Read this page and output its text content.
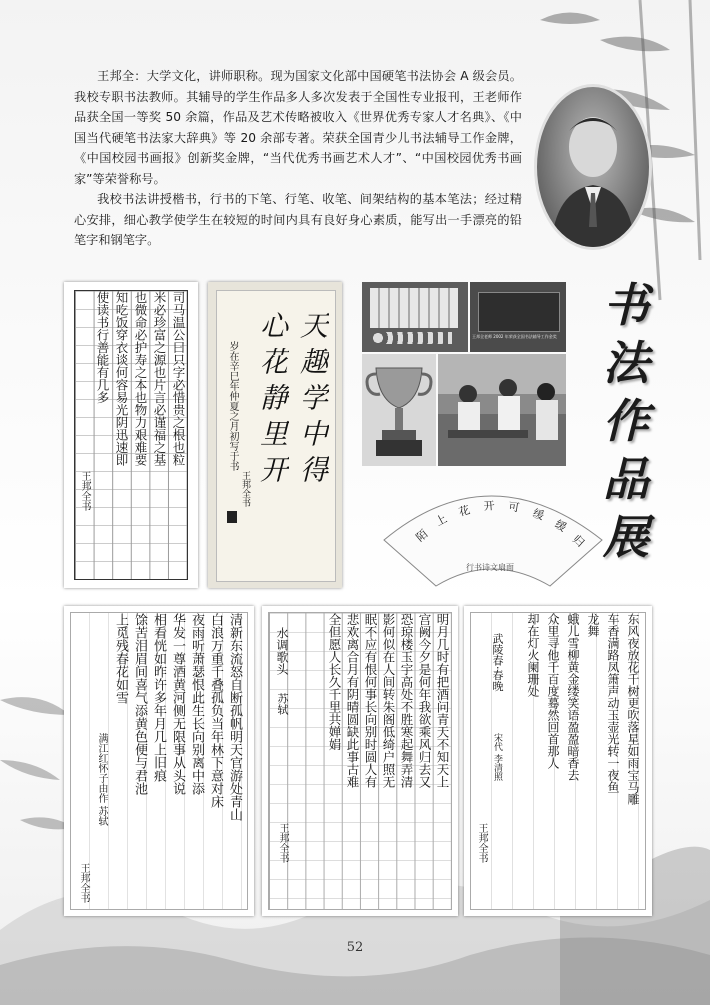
王邦全：大学文化，讲师职称。现为国家文化部中国硬笔书法协会 A 级会员。我校专职书法教师。其辅导的学生作品多人多次发表于全国性专业报刊，王老师作品获全国一等奖 50 余篇，作品及艺术传略被收入《世界优秀专家人才名典》、《中国当代硬笔书法家大辞典》等 20 余部专著。荣获全国青少儿书法辅导工作金牌，《中国校园书画报》创新奖金牌，“当代优秀书画艺术人才”、“中国校园优秀书画家”等荣誉称号。

我校书法讲授楷书，行书的下笔、行笔、收笔、间架结构的基本笔法；经过精心安排，细心教学使学生在较短的时间内具有良好身心素质，能写出一手漂亮的铅笔字和钢笔字。

书
法
作
品
展
司马温公曰只字必惜贵之根也粒
米必珍富之源也片言必谨福之基
也微命必护寿之本也物力艰难要
知吃饭穿衣谈何容易光阴迅速即
使读书行善能有几多
王邦全书	天趣学中得
心花静里开
岁在辛巳年仲夏之月初写于书
王邦全书
王邦全老师 2002 年荣获全国书法辅导工作金奖
陌
上
花 开 可 缓
缓
归
行书诗文扇面
清新东流怒自断孤帆明天官游处青山
白浪万重千叠孤负当年林下意对床
夜雨听萧瑟恨此生长向别离中添
华发一尊酒黄河侧无限事从头说
相看恍如昨许多年月几上旧痕
馀苦泪眉间喜气添黄色便与君池
上觅残春花如雪
满江红怀子由作 苏轼
王邦全书
明月几时有把酒问青天不知天上
宫阙今夕是何年我欲乘风归去又
恐琼楼玉宇高处不胜寒起舞弄清
影何似在人间转朱阁低绮户照无
眠不应有恨何事长向别时圆人有
悲欢离合月有阴晴圆缺此事古难
全但愿人长久千里共婵娟
水调歌头
苏轼
王邦全书
东风夜放花千树更吹落星如雨宝马雕
车香满路凤箫声动玉壶光转一夜鱼
龙舞
蛾儿雪柳黄金缕笑语盈盈暗香去
众里寻他千百度蓦然回首那人
却在灯火阑珊处
武陵春·春晚
宋代 李清照
王邦全书
52
